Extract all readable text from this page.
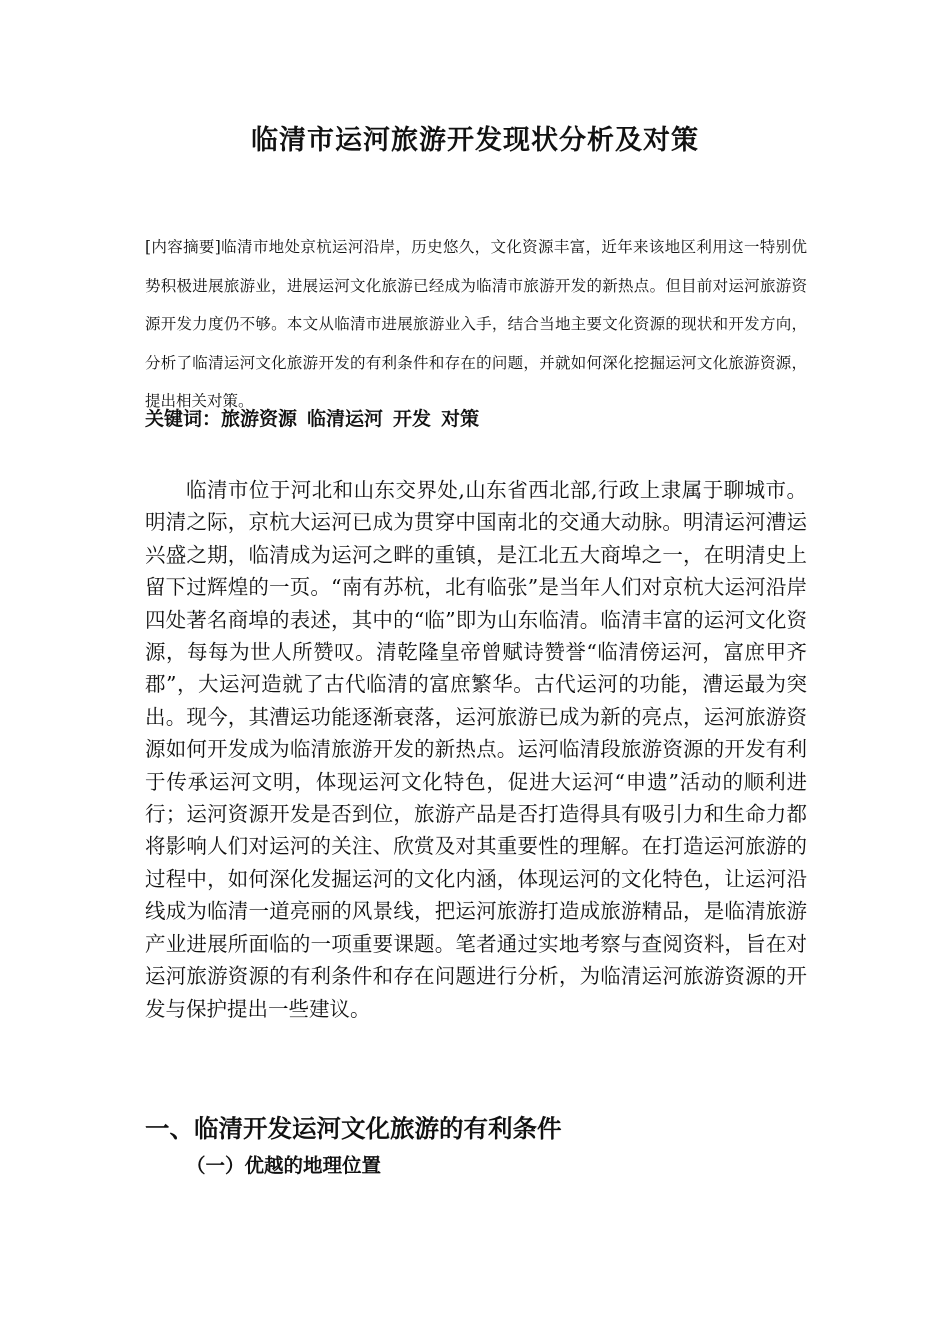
临清市运河旅游开发现状分析及对策

[内容摘要]临清市地处京杭运河沿岸，历史悠久，文化资源丰富，近年来该地区利用这一特别优势积极进展旅游业，进展运河文化旅游已经成为临清市旅游开发的新热点。但目前对运河旅游资源开发力度仍不够。本文从临清市进展旅游业入手，结合当地主要文化资源的现状和开发方向，分析了临清运河文化旅游开发的有利条件和存在的问题，并就如何深化挖掘运河文化旅游资源，提出相关对策。

关键词：旅游资源 临清运河 开发 对策

临清市位于河北和山东交界处,山东省西北部,行政上隶属于聊城市。明清之际，京杭大运河已成为贯穿中国南北的交通大动脉。明清运河漕运兴盛之期，临清成为运河之畔的重镇，是江北五大商埠之一，在明清史上留下过辉煌的一页。“南有苏杭，北有临张”是当年人们对京杭大运河沿岸四处著名商埠的表述，其中的“临”即为山东临清。临清丰富的运河文化资源，每每为世人所赞叹。清乾隆皇帝曾赋诗赞誉“临清傍运河，富庶甲齐郡”，大运河造就了古代临清的富庶繁华。古代运河的功能，漕运最为突出。现今，其漕运功能逐渐衰落，运河旅游已成为新的亮点，运河旅游资源如何开发成为临清旅游开发的新热点。运河临清段旅游资源的开发有利于传承运河文明，体现运河文化特色，促进大运河“申遗”活动的顺利进行；运河资源开发是否到位，旅游产品是否打造得具有吸引力和生命力都将影响人们对运河的关注、欣赏及对其重要性的理解。在打造运河旅游的过程中，如何深化发掘运河的文化内涵，体现运河的文化特色，让运河沿线成为临清一道亮丽的风景线，把运河旅游打造成旅游精品，是临清旅游产业进展所面临的一项重要课题。笔者通过实地考察与查阅资料，旨在对运河旅游资源的有利条件和存在问题进行分析，为临清运河旅游资源的开发与保护提出一些建议。

一、临清开发运河文化旅游的有利条件
（一）优越的地理位置
